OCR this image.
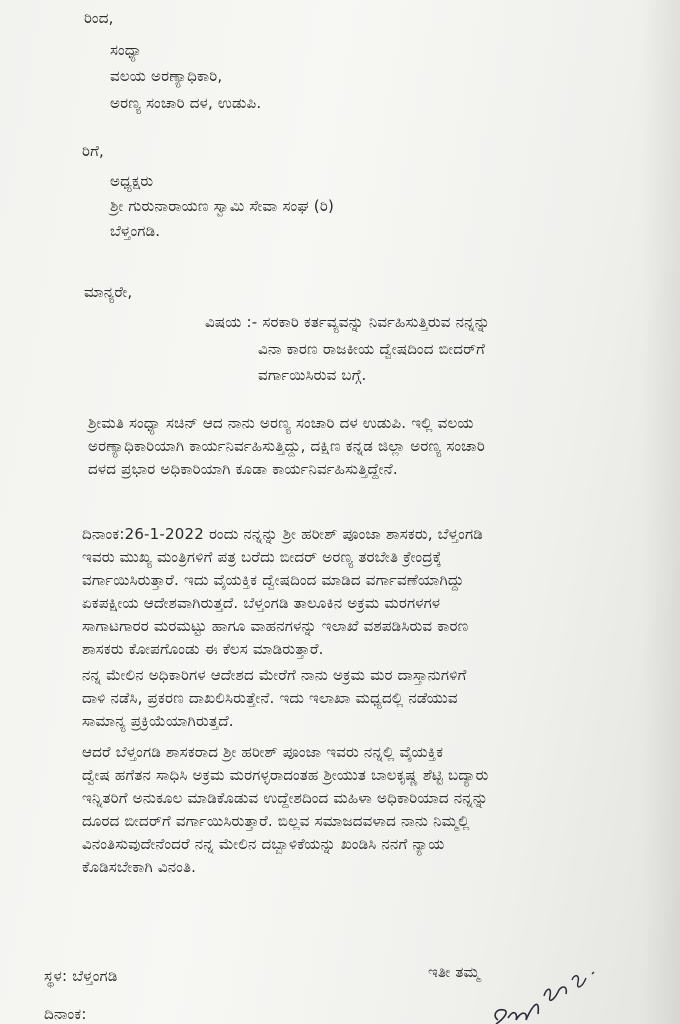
ರಿಂದ,
ಸಂಧ್ಯಾ
ವಲಯ ಅರಣ್ಯಾಧಿಕಾರಿ,
ಅರಣ್ಯ ಸಂಚಾರಿ ದಳ, ಉಡುಪಿ.
ರಿಗೆ,
ಅಧ್ಯಕ್ಷರು
ಶ್ರೀ ಗುರುನಾರಾಯಣ ಸ್ವಾಮಿ ಸೇವಾ ಸಂಘ (ರಿ)
ಬೆಳ್ತಂಗಡಿ.
ಮಾನ್ಯರೇ,
ವಿಷಯ :- ಸರಕಾರಿ ಕರ್ತವ್ಯವನ್ನು ನಿರ್ವಹಿಸುತ್ತಿರುವ ನನ್ನನ್ನು
ವಿನಾ ಕಾರಣ ರಾಜಕೀಯ ದ್ವೇಷದಿಂದ ಬೀದರ್‌ಗೆ
ವರ್ಗಾಯಿಸಿರುವ ಬಗ್ಗೆ.
ಶ್ರೀಮತಿ ಸಂಧ್ಯಾ ಸಚಿನ್ ಆದ ನಾನು ಅರಣ್ಯ ಸಂಚಾರಿ ದಳ ಉಡುಪಿ. ಇಲ್ಲಿ ವಲಯ
ಅರಣ್ಯಾಧಿಕಾರಿಯಾಗಿ ಕಾರ್ಯನಿರ್ವಹಿಸುತ್ತಿದ್ದು, ದಕ್ಷಿಣ ಕನ್ನಡ ಜಿಲ್ಲಾ ಅರಣ್ಯ ಸಂಚಾರಿ
ದಳದ ಪ್ರಭಾರ ಅಧಿಕಾರಿಯಾಗಿ ಕೂಡಾ ಕಾರ್ಯನಿರ್ವಹಿಸುತ್ತಿದ್ದೇನೆ.
ದಿನಾಂಕ:26-1-2022 ರಂದು ನನ್ನನ್ನು ಶ್ರೀ ಹರೀಶ್ ಪೂಂಜಾ ಶಾಸಕರು, ಬೆಳ್ತಂಗಡಿ
ಇವರು ಮುಖ್ಯ ಮಂತ್ರಿಗಳಿಗೆ ಪತ್ರ ಬರೆದು ಬೀದರ್ ಅರಣ್ಯ ತರಬೇತಿ ಕ್ರೇಂದ್ರಕ್ಕೆ
ವರ್ಗಾಯಿಸಿರುತ್ತಾರೆ. ಇದು ವೈಯಕ್ತಿಕ ದ್ವೇಷದಿಂದ ಮಾಡಿದ ವರ್ಗಾವಣೆಯಾಗಿದ್ದು
ಏಕಪಕ್ಷೀಯ ಆದೇಶವಾಗಿರುತ್ತದೆ. ಬೆಳ್ತಂಗಡಿ ತಾಲೂಕಿನ ಅಕ್ರಮ ಮರಗಳಗಳ
ಸಾಗಾಟಗಾರರ ಮರಮಟ್ಟು ಹಾಗೂ ವಾಹನಗಳನ್ನು ಇಲಾಖೆ ವಶಪಡಿಸಿರುವ ಕಾರಣ
ಶಾಸಕರು ಕೋಪಗೊಂಡು ಈ ಕೆಲಸ ಮಾಡಿರುತ್ತಾರೆ.
ನನ್ನ ಮೇಲಿನ ಅಧಿಕಾರಿಗಳ ಆದೇಶದ ಮೇರೆಗೆ ನಾನು ಅಕ್ರಮ ಮರ ದಾಸ್ತಾನುಗಳಿಗೆ
ದಾಳಿ ನಡೆಸಿ, ಪ್ರಕರಣ ದಾಖಲಿಸಿರುತ್ತೇನೆ. ಇದು ಇಲಾಖಾ ಮಧ್ಯದಲ್ಲಿ ನಡೆಯುವ
ಸಾಮಾನ್ಯ ಪ್ರಕ್ರಿಯೆಯಾಗಿರುತ್ತದೆ.
ಆದರೆ ಬೆಳ್ತಂಗಡಿ ಶಾಸಕರಾದ ಶ್ರೀ ಹರೀಶ್ ಪೂಂಜಾ ಇವರು ನನ್ನಲ್ಲಿ ವೈಯಕ್ತಿಕ
ದ್ವೇಷ ಹಗೆತನ ಸಾಧಿಸಿ ಅಕ್ರಮ ಮರಗಳ್ಳರಾದಂತಹ ಶ್ರೀಯುತ ಬಾಲಕೃಷ್ಣ ಶೆಟ್ಟಿ ಬದ್ಯಾರು
ಇನ್ನಿತರಿಗೆ ಅನುಕೂಲ ಮಾಡಿಕೊಡುವ ಉದ್ದೇಶದಿಂದ ಮಹಿಳಾ ಅಧಿಕಾರಿಯಾದ ನನ್ನನ್ನು
ದೂರದ ಬೀದರ್‌ಗೆ ವರ್ಗಾಯಿಸಿರುತ್ತಾರೆ. ಬಿಲ್ಲವ ಸಮಾಜದವಳಾದ ನಾನು ನಿಮ್ಮಲ್ಲಿ
ವಿನಂತಿಸುವುದೇನೆಂದರೆ ನನ್ನ ಮೇಲಿನ ದಬ್ಬಾಳಿಕೆಯನ್ನು ಖಂಡಿಸಿ ನನಗೆ ನ್ಯಾಯ
ಕೊಡಿಸಬೇಕಾಗಿ ವಿನಂತಿ.
ಸ್ಥಳ: ಬೆಳ್ತಂಗಡಿ	ಇತೀ ತಮ್ಮ
ದಿನಾಂಕ:
